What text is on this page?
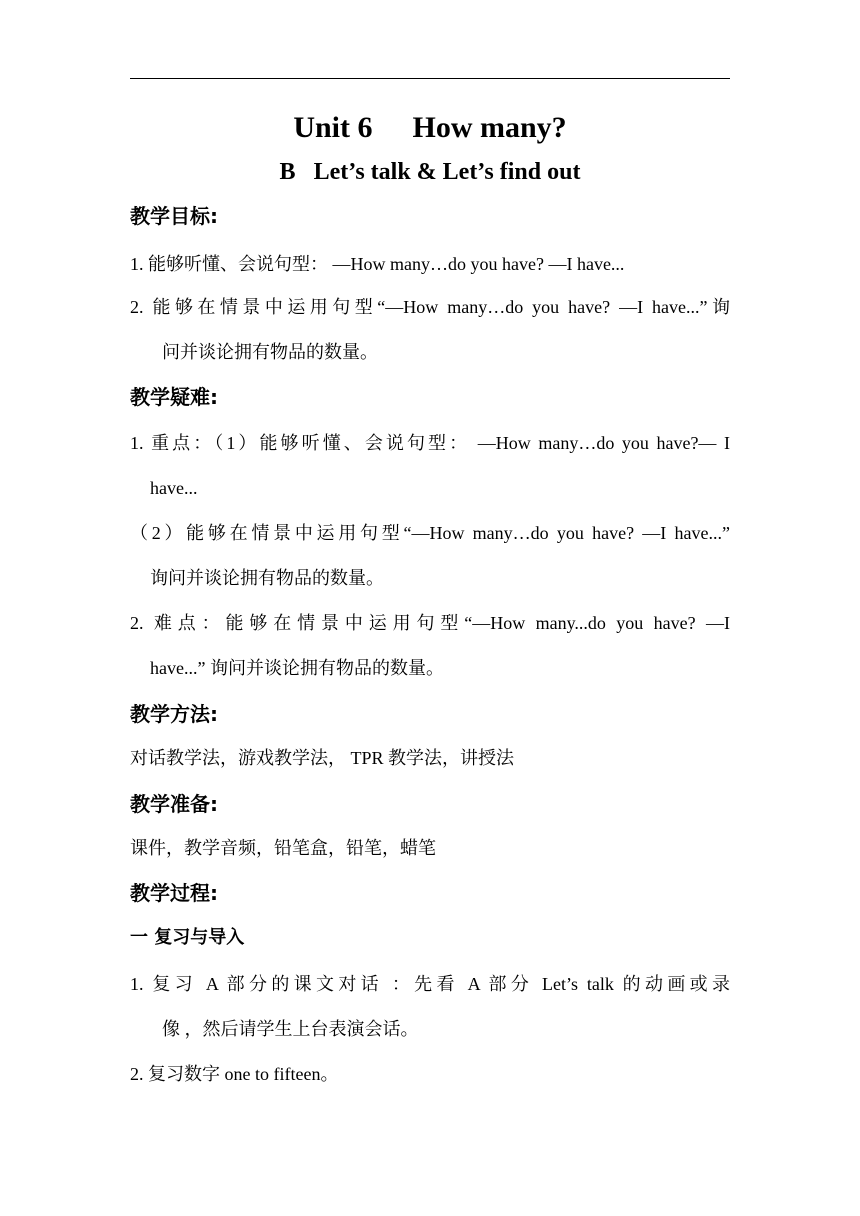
Unit 6 How many?
B Let’s talk & Let’s find out
教学目标:
1. 能够听懂、会说句型： —How many…do you have? —I have...
2. 能够在情景中运用句型“—How many…do you have? —I have...”询
问并谈论拥有物品的数量。
教学疑难:
1. 重点：（1）能够听懂、会说句型： —How many…do you have?— I
have...
（2）能够在情景中运用句型“—How many…do you have? —I have...”
询问并谈论拥有物品的数量。
2. 难点：能够在情景中运用句型“—How many...do you have? —I
have...” 询问并谈论拥有物品的数量。
教学方法:
对话教学法，游戏教学法， TPR 教学法，讲授法
教学准备:
课件，教学音频，铅笔盒，铅笔，蜡笔
教学过程:
一 复习与导入
1. 复习 A 部分的课文对话 ：先看 A 部分 Let’s talk 的动画或录
像 ，然后请学生上台表演会话。
2. 复习数字 one to fifteen。
